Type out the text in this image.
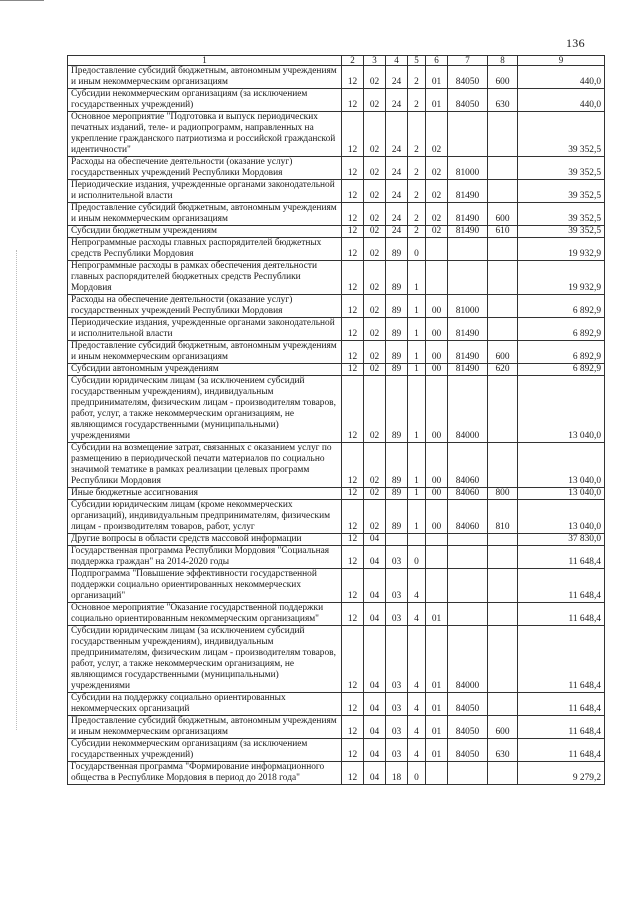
136
1	2	3	4	5	6	7	8	9
Предоставление субсидий бюджетным, автономным учреждениям и иным некоммерческим организациям	12	02	24	2	01	84050	600	440,0
Субсидии некоммерческим организациям (за исключением государственных учреждений)	12	02	24	2	01	84050	630	440,0
Основное мероприятие "Подготовка и выпуск периодических печатных изданий, теле- и радиопрограмм, направленных на укрепление гражданского патриотизма и российской гражданской идентичности"	12	02	24	2	02			39 352,5
Расходы на обеспечение деятельности (оказание услуг) государственных учреждений Республики Мордовия	12	02	24	2	02	81000		39 352,5
Периодические издания, учрежденные органами законодательной и исполнительной власти	12	02	24	2	02	81490		39 352,5
Предоставление субсидий бюджетным, автономным учреждениям и иным некоммерческим организациям	12	02	24	2	02	81490	600	39 352,5
Субсидии бюджетным учреждениям	12	02	24	2	02	81490	610	39 352,5
Непрограммные расходы главных распорядителей бюджетных средств Республики Мордовия	12	02	89	0				19 932,9
Непрограммные расходы в рамках обеспечения деятельности главных распорядителей бюджетных средств Республики Мордовия	12	02	89	1				19 932,9
Расходы на обеспечение деятельности (оказание услуг) государственных учреждений Республики Мордовия	12	02	89	1	00	81000		6 892,9
Периодические издания, учрежденные органами законодательной и исполнительной власти	12	02	89	1	00	81490		6 892,9
Предоставление субсидий бюджетным, автономным учреждениям и иным некоммерческим организациям	12	02	89	1	00	81490	600	6 892,9
Субсидии автономным учреждениям	12	02	89	1	00	81490	620	6 892,9
Субсидии юридическим лицам (за исключением субсидий государственным учреждениям), индивидуальным предпринимателям, физическим лицам - производителям товаров, работ, услуг, а также некоммерческим организациям, не являющимся государственными (муниципальными) учреждениями	12	02	89	1	00	84000		13 040,0
Субсидии на возмещение затрат, связанных с оказанием услуг по размещению в периодической печати материалов по социально значимой тематике в рамках реализации целевых программ Республики Мордовия	12	02	89	1	00	84060		13 040,0
Иные бюджетные ассигнования	12	02	89	1	00	84060	800	13 040,0
Субсидии юридическим лицам (кроме некоммерческих организаций), индивидуальным предпринимателям, физическим лицам - производителям товаров, работ, услуг	12	02	89	1	00	84060	810	13 040,0
Другие вопросы в области средств массовой информации	12	04						37 830,0
Государственная программа Республики Мордовия "Социальная поддержка граждан" на 2014-2020 годы	12	04	03	0				11 648,4
Подпрограмма "Повышение эффективности государственной поддержки социально ориентированных некоммерческих организаций"	12	04	03	4				11 648,4
Основное мероприятие "Оказание государственной поддержки социально ориентированным некоммерческим организациям"	12	04	03	4	01			11 648,4
Субсидии юридическим лицам (за исключением субсидий государственным учреждениям), индивидуальным предпринимателям, физическим лицам - производителям товаров, работ, услуг, а также некоммерческим организациям, не являющимся государственными (муниципальными) учреждениями	12	04	03	4	01	84000		11 648,4
Субсидии на поддержку социально ориентированных некоммерческих организаций	12	04	03	4	01	84050		11 648,4
Предоставление субсидий бюджетным, автономным учреждениям и иным некоммерческим организациям	12	04	03	4	01	84050	600	11 648,4
Субсидии некоммерческим организациям (за исключением государственных учреждений)	12	04	03	4	01	84050	630	11 648,4
Государственная программа "Формирование информационного общества в Республике Мордовия в период до 2018 года"	12	04	18	0				9 279,2
